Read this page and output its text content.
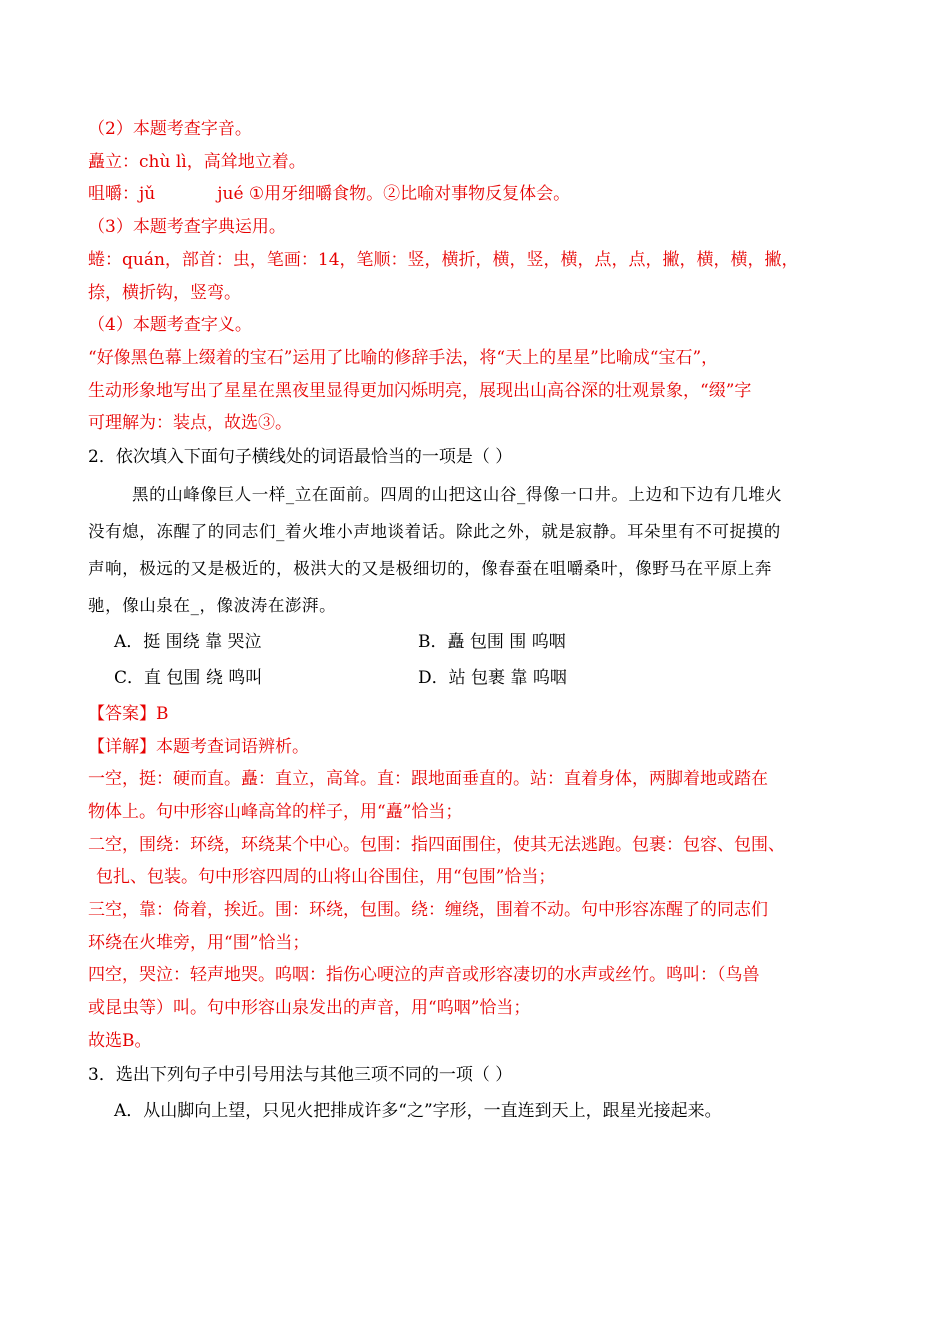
（2）本题考查字音。
矗立：chù lì，高耸地立着。
咀嚼：jǔ	jué ①用牙细嚼食物。②比喻对事物反复体会。
（3）本题考查字典运用。
蜷：quán，部首：虫，笔画：14，笔顺：竖，横折，横，竖，横，点，点，撇，横，横，撇，
捺，横折钩，竖弯。
（4）本题考查字义。
“好像黑色幕上缀着的宝石”运用了比喻的修辞手法，将“天上的星星”比喻成“宝石”，
生动形象地写出了星星在黑夜里显得更加闪烁明亮，展现出山高谷深的壮观景象，“缀”字
可理解为：装点，故选③。
2．依次填入下面句子横线处的词语最恰当的一项是（ ）
黑的山峰像巨人一样_立在面前。四周的山把这山谷_得像一口井。上边和下边有几堆火
没有熄，冻醒了的同志们_着火堆小声地谈着话。除此之外，就是寂静。耳朵里有不可捉摸的
声响，极远的又是极近的，极洪大的又是极细切的，像春蚕在咀嚼桑叶，像野马在平原上奔
驰，像山泉在_，像波涛在澎湃。
A．挺 围绕 靠 哭泣	B．矗 包围 围 呜咽
C．直 包围 绕 鸣叫	D．站 包裹 靠 呜咽
【答案】B
【详解】本题考查词语辨析。
一空，挺：硬而直。矗：直立，高耸。直：跟地面垂直的。站：直着身体，两脚着地或踏在
物体上。句中形容山峰高耸的样子，用“矗”恰当；
二空，围绕：环绕，环绕某个中心。包围：指四面围住，使其无法逃跑。包裹：包容、包围、
包扎、包装。句中形容四周的山将山谷围住，用“包围”恰当；
三空，靠：倚着，挨近。围：环绕，包围。绕：缠绕，围着不动。句中形容冻醒了的同志们
环绕在火堆旁，用“围”恰当；
四空，哭泣：轻声地哭。呜咽：指伤心哽泣的声音或形容凄切的水声或丝竹。鸣叫：（鸟兽
或昆虫等）叫。句中形容山泉发出的声音，用“呜咽”恰当；
故选B。
3．选出下列句子中引号用法与其他三项不同的一项（ ）
A．从山脚向上望，只见火把排成许多“之”字形，一直连到天上，跟星光接起来。
